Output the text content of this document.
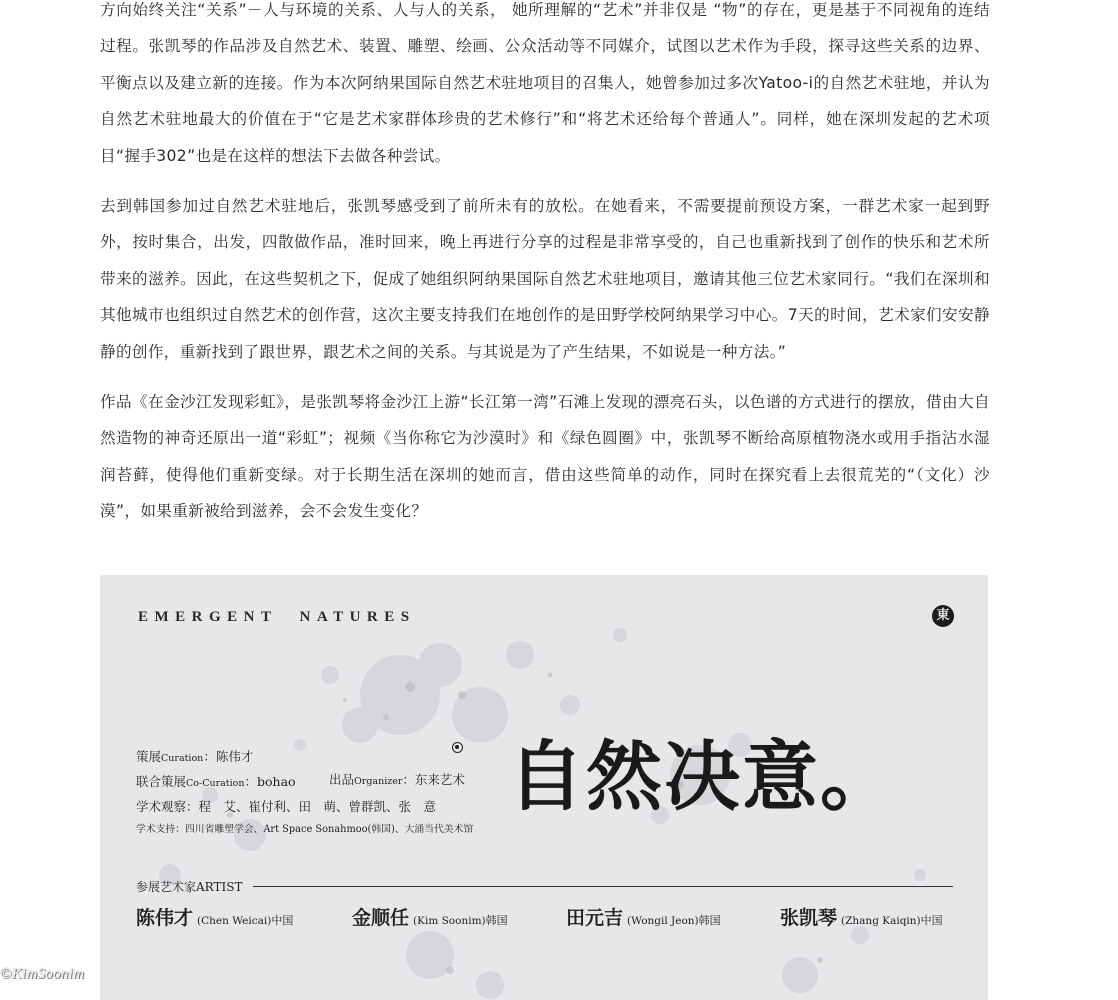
方向始终关注“关系”－人与环境的关系、人与人的关系， 她所理解的“艺术”并非仅是 “物”的存在，更是基于不同视角的连结过程。张凯琴的作品涉及自然艺术、装置、雕塑、绘画、公众活动等不同媒介，试图以艺术作为手段，探寻这些关系的边界、平衡点以及建立新的连接。作为本次阿纳果国际自然艺术驻地项目的召集人，她曾参加过多次Yatoo-i的自然艺术驻地，并认为自然艺术驻地最大的价值在于“它是艺术家群体珍贵的艺术修行”和“将艺术还给每个普通人”。同样，她在深圳发起的艺术项目“握手302”也是在这样的想法下去做各种尝试。

去到韩国参加过自然艺术驻地后，张凯琴感受到了前所未有的放松。在她看来，不需要提前预设方案，一群艺术家一起到野外，按时集合，出发，四散做作品，准时回来，晚上再进行分享的过程是非常享受的，自己也重新找到了创作的快乐和艺术所带来的滋养。因此，在这些契机之下，促成了她组织阿纳果国际自然艺术驻地项目，邀请其他三位艺术家同行。“我们在深圳和其他城市也组织过自然艺术的创作营，这次主要支持我们在地创作的是田野学校阿纳果学习中心。7天的时间，艺术家们安安静静的创作，重新找到了跟世界，跟艺术之间的关系。与其说是为了产生结果，不如说是一种方法。”

作品《在金沙江发现彩虹》，是张凯琴将金沙江上游“长江第一湾”石滩上发现的漂亮石头，以色谱的方式进行的摆放，借由大自然造物的神奇还原出一道“彩虹”；视频《当你称它为沙漠时》和《绿色圆圈》中，张凯琴不断给高原植物浇水或用手指沾水湿润苔藓，使得他们重新变绿。对于长期生活在深圳的她而言，借由这些简单的动作，同时在探究看上去很荒芜的“（文化）沙漠”，如果重新被给到滋养，会不会发生变化？

EMERGENT NATURES	東
策展Curation：陈伟才
联合策展Co-Curation：bohao	出品Organizer：东来艺术
学术观察：程　艾、崔付利、田　萌、曾群凯、张　意
学术支持：四川省雕塑学会、Art Space Sonahmoo(韩国)、大涌当代美术馆
自然决意。
参展艺术家ARTIST
陈伟才 (Chen Weicai)中国	金顺任 (Kim Soonim)韩国	田元吉 (Wongil Jeon)韩国	张凯琴 (Zhang Kaiqin)中国
©KimSoonim
